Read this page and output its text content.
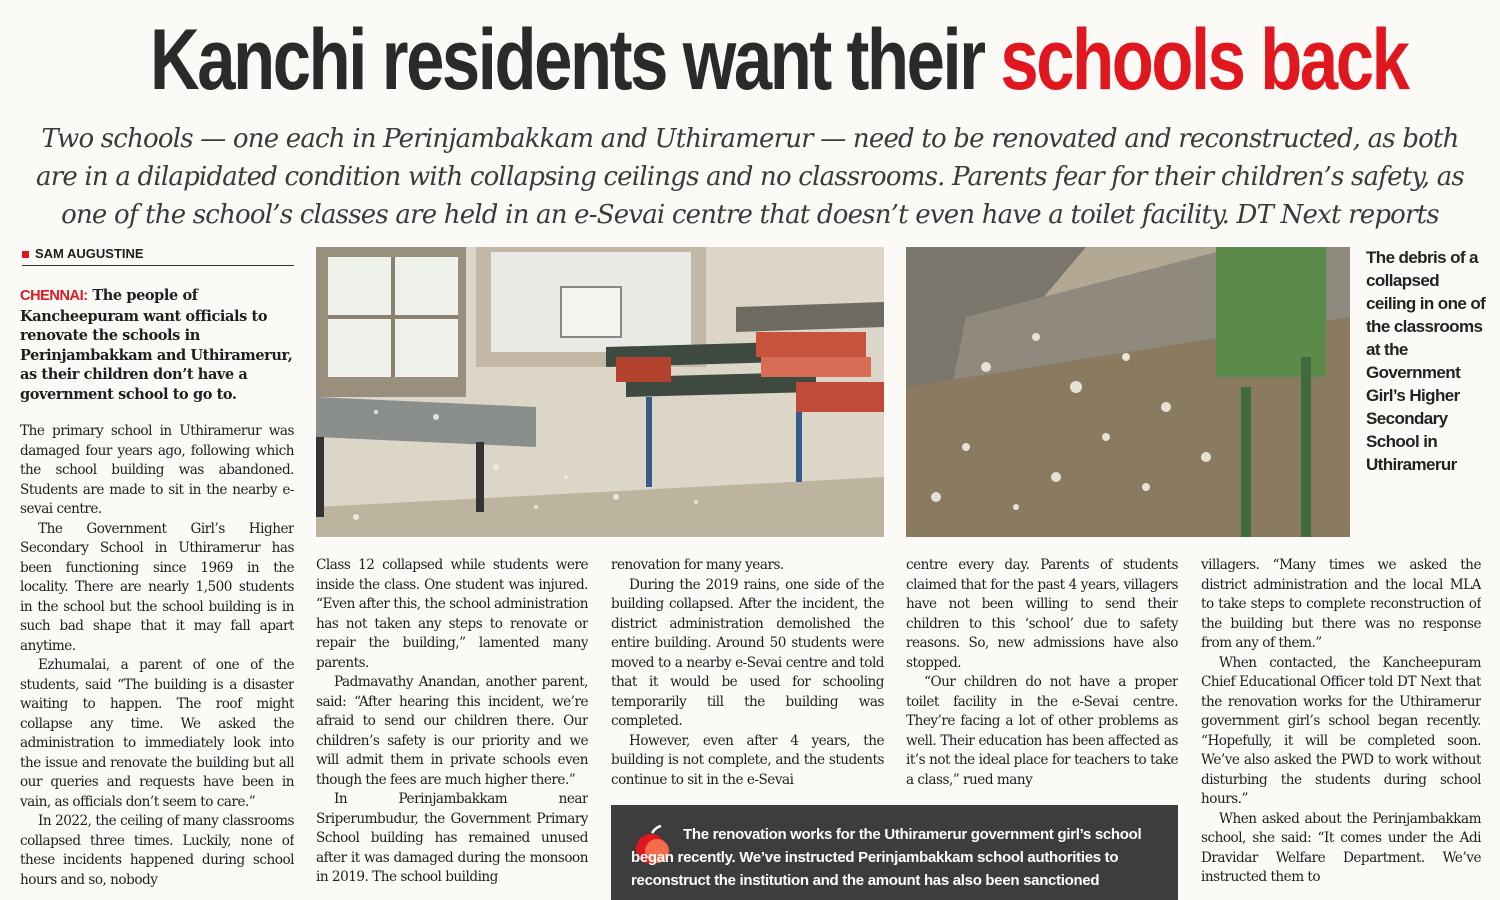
Kanchi residents want their schools back
Two schools — one each in Perinjambakkam and Uthiramerur — need to be renovated and reconstructed, as both are in a dilapidated condition with collapsing ceilings and no classrooms. Parents fear for their children’s safety, as one of the school’s classes are held in an e-Sevai centre that doesn’t even have a toilet facility. DT Next reports
SAM AUGUSTINE
CHENNAI: The people of Kancheepuram want officials to renovate the schools in Perinjambakkam and Uthiramerur, as their children don’t have a government school to go to.

The primary school in Uthiramerur was damaged four years ago, following which the school building was abandoned. Students are made to sit in the nearby e-sevai centre.

The Government Girl’s Higher Secondary School in Uthiramerur has been functioning since 1969 in the locality. There are nearly 1,500 students in the school but the school building is in such bad shape that it may fall apart anytime.

Ezhumalai, a parent of one of the students, said “The building is a disaster waiting to happen. The roof might collapse any time. We asked the administration to immediately look into the issue and renovate the building but all our queries and requests have been in vain, as officials don’t seem to care.”

In 2022, the ceiling of many classrooms collapsed three times. Luckily, none of these incidents happened during school hours and so, nobody

The debris of a collapsed ceiling in one of the classrooms at the Government Girl’s Higher Secondary School in Uthiramerur

Class 12 collapsed while students were inside the class. One student was injured. “Even after this, the school administration has not taken any steps to renovate or repair the building,” lamented many parents.

Padmavathy Anandan, another parent, said: “After hearing this incident, we’re afraid to send our children there. Our children’s safety is our priority and we will admit them in private schools even though the fees are much higher there.”

In Perinjambakkam near Sriperumbudur, the Government Primary School building has remained unused after it was damaged during the monsoon in 2019. The school building

renovation for many years.

During the 2019 rains, one side of the building collapsed. After the incident, the district administration demolished the entire building. Around 50 students were moved to a nearby e-Sevai centre and told that it would be used for schooling temporarily till the building was completed.

However, even after 4 years, the building is not complete, and the students continue to sit in the e-Sevai

centre every day. Parents of students claimed that for the past 4 years, villagers have not been willing to send their children to this ‘school’ due to safety reasons. So, new admissions have also stopped.

“Our children do not have a proper toilet facility in the e-Sevai centre. They’re facing a lot of other problems as well. Their education has been affected as it’s not the ideal place for teachers to take a class,” rued many

villagers. “Many times we asked the district administration and the local MLA to take steps to complete reconstruction of the building but there was no response from any of them.”

When contacted, the Kancheepuram Chief Educational Officer told DT Next that the renovation works for the Uthiramerur government girl’s school began recently. “Hopefully, it will be completed soon. We’ve also asked the PWD to work without disturbing the students during school hours.”

When asked about the Perinjambakkam school, she said: “It comes under the Adi Dravidar Welfare Department. We’ve instructed them to

The renovation works for the Uthiramerur government girl’s school began recently. We’ve instructed Perinjambakkam school authorities to reconstruct the institution and the amount has also been sanctioned
